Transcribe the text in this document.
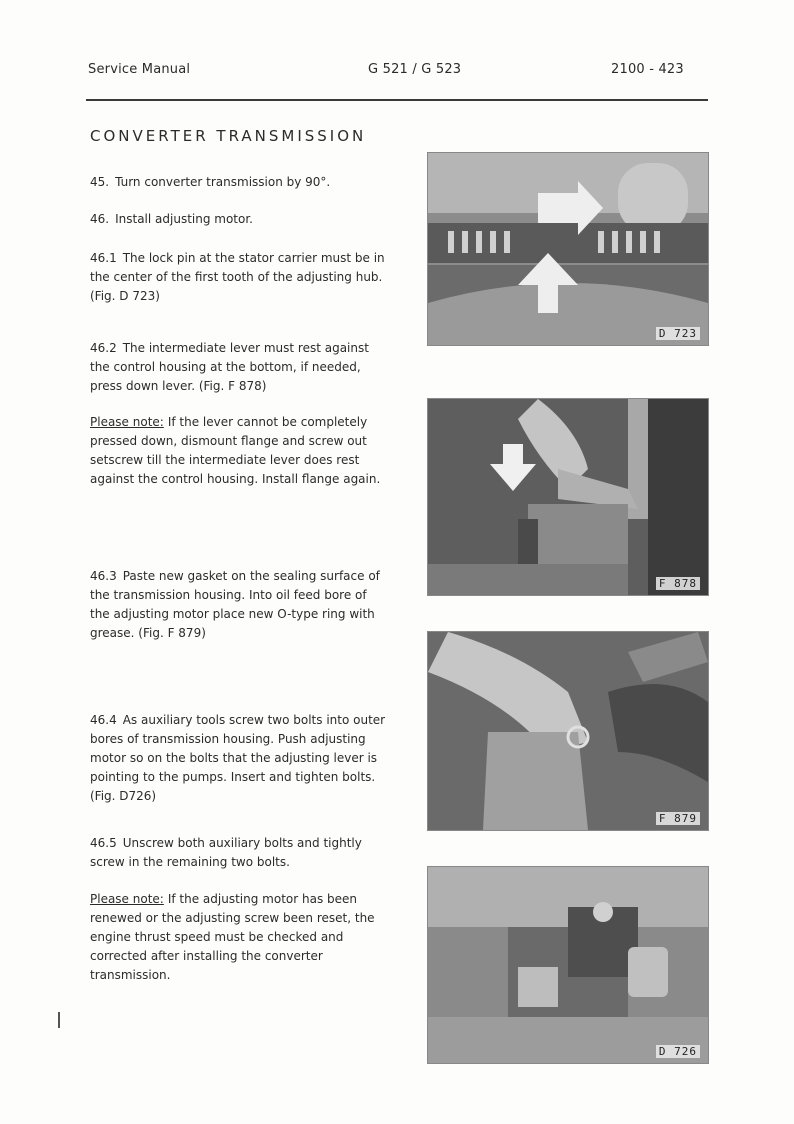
Service Manual	G 521 / G 523	2100 - 423
CONVERTER TRANSMISSION

45. Turn converter transmission by 90°.

46. Install adjusting motor.

46.1 The lock pin at the stator carrier must be in the center of the first tooth of the adjusting hub. (Fig. D 723)

46.2 The intermediate lever must rest against the control housing at the bottom, if needed, press down lever. (Fig. F 878)

Please note: If the lever cannot be completely pressed down, dismount flange and screw out setscrew till the intermediate lever does rest against the control housing. Install flange again.

46.3 Paste new gasket on the sealing surface of the transmission housing. Into oil feed bore of the adjusting motor place new O-type ring with grease. (Fig. F 879)

46.4 As auxiliary tools screw two bolts into outer bores of transmission housing. Push adjusting motor so on the bolts that the adjusting lever is pointing to the pumps. Insert and tighten bolts. (Fig. D726)

46.5 Unscrew both auxiliary bolts and tightly screw in the remaining two bolts.

Please note: If the adjusting motor has been renewed or the adjusting screw been reset, the engine thrust speed must be checked and corrected after installing the converter transmission.

D 723
F 878
F 879
D 726
